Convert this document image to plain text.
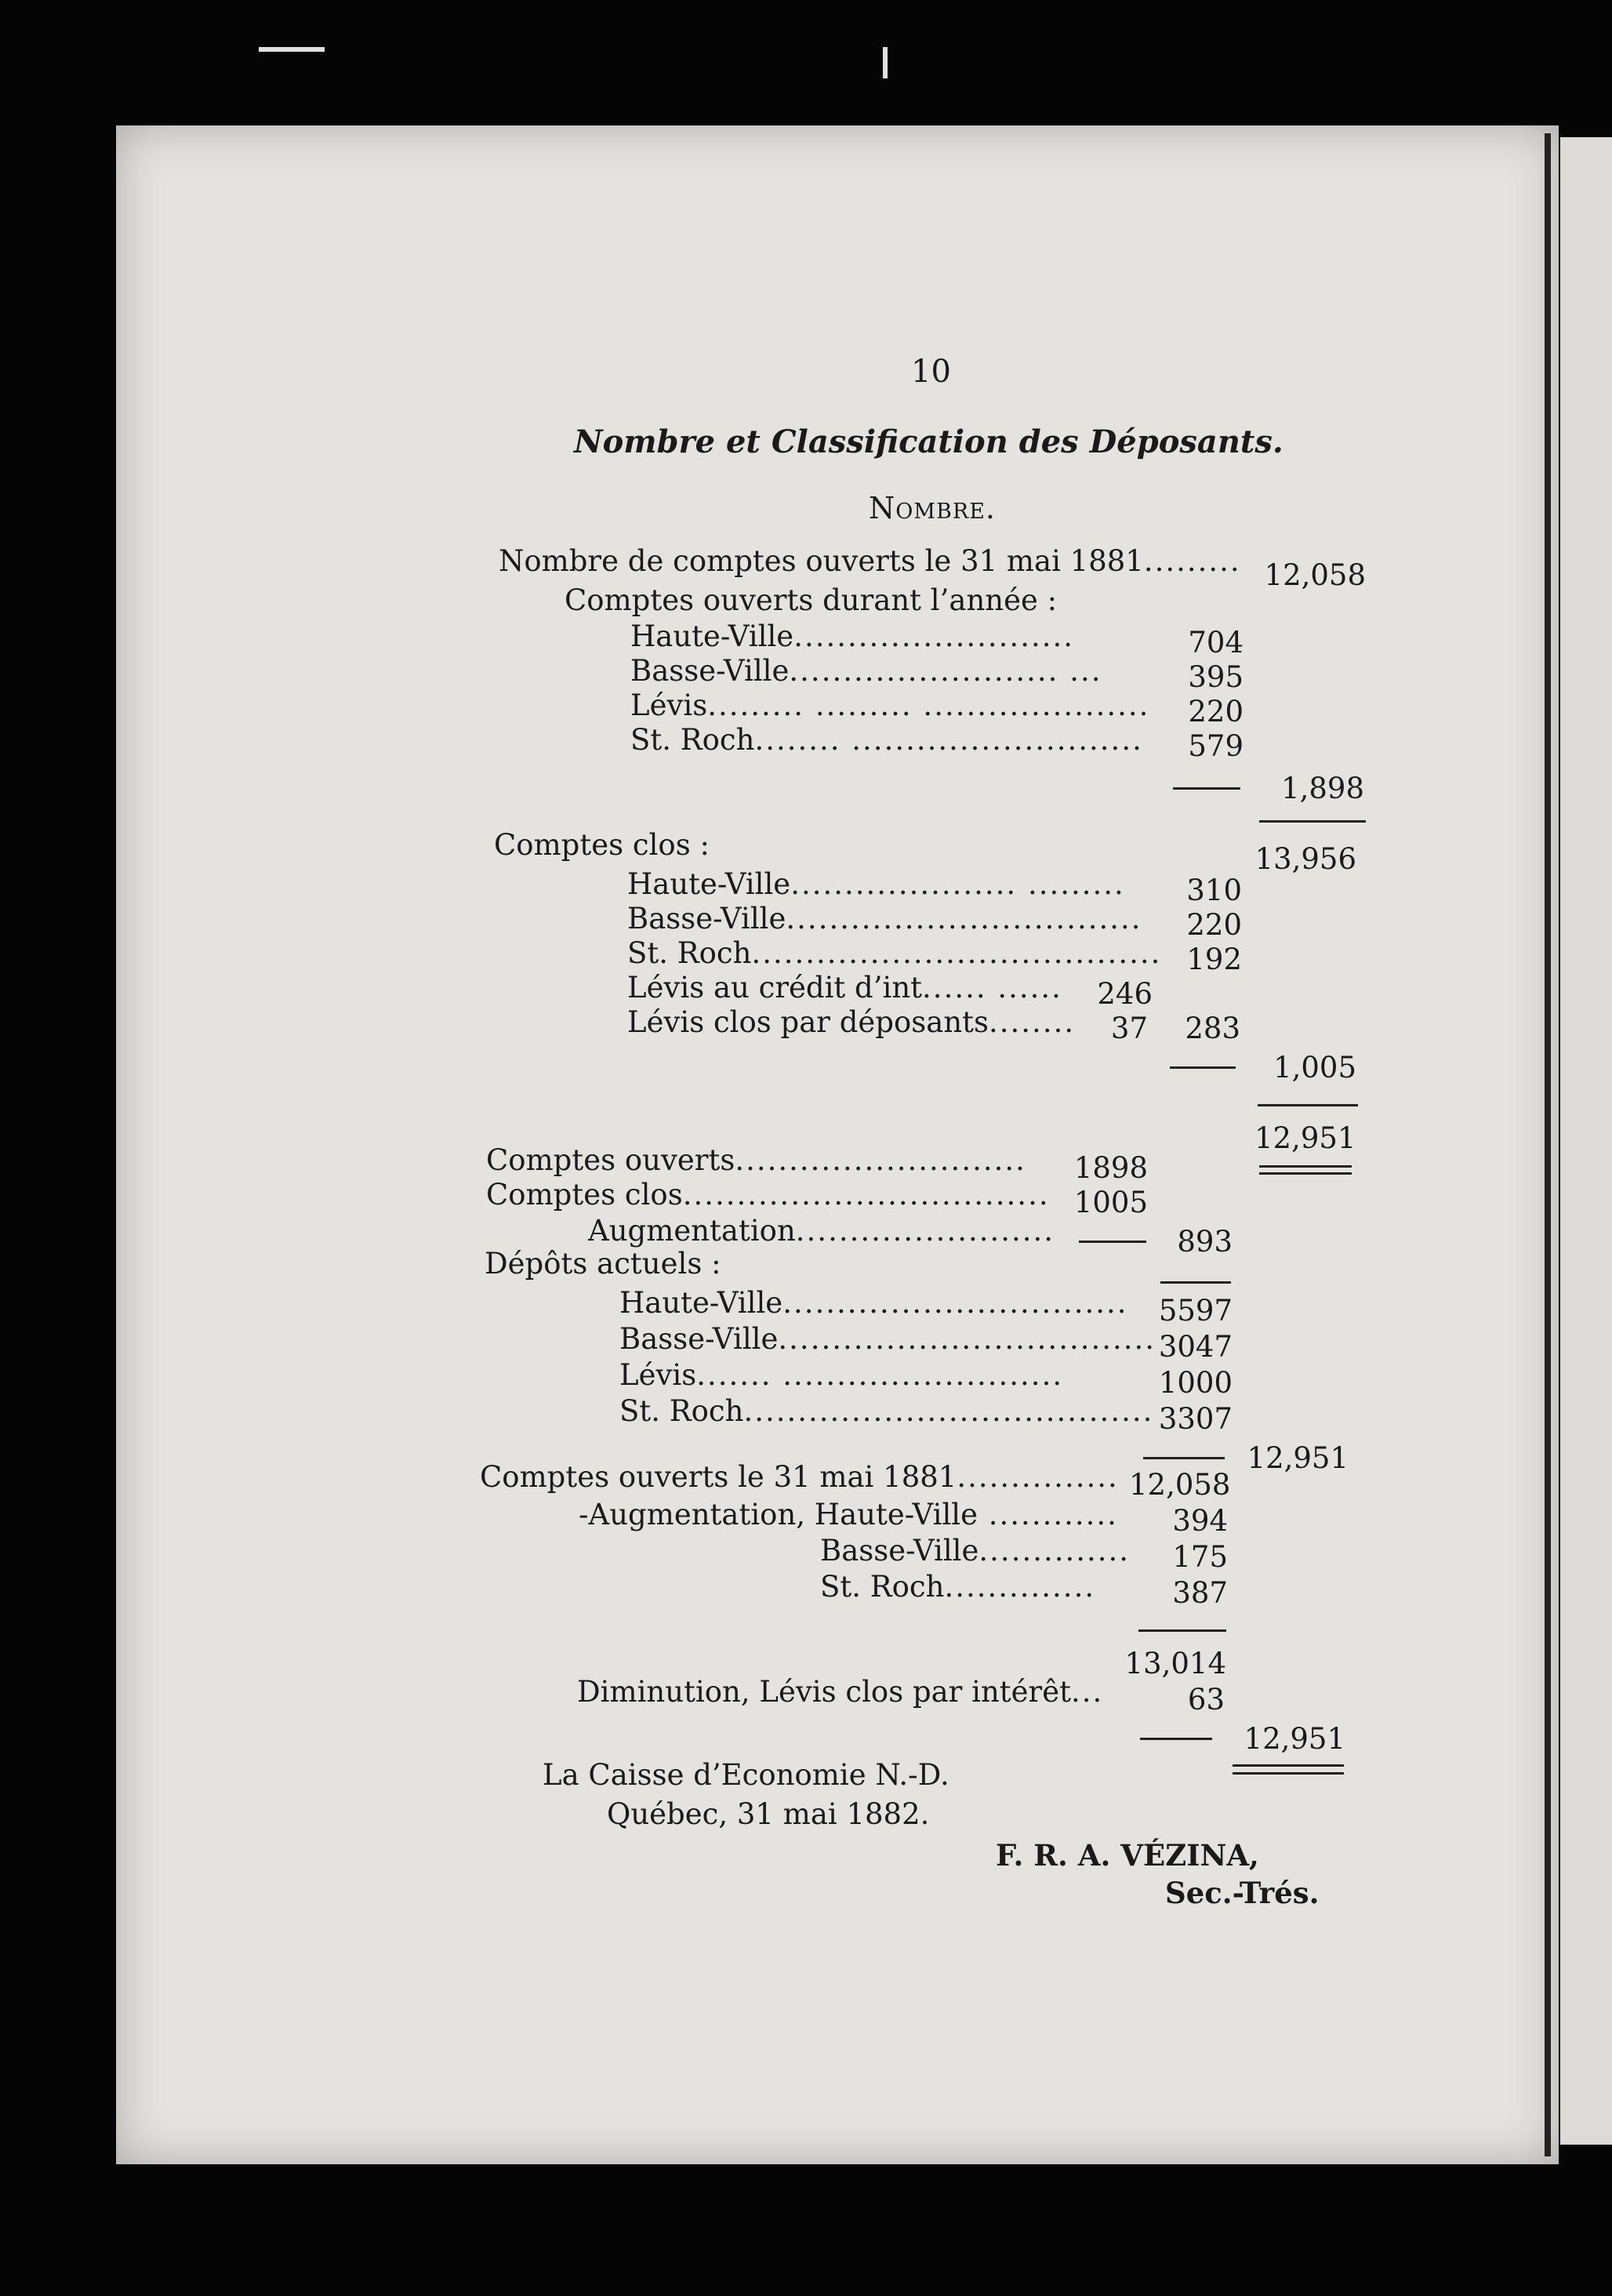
10
Nombre et Classification des Déposants.
Nombre.
Nombre de comptes ouverts le 31 mai 1881......... 12,058
Comptes ouverts durant l’année :
Haute-Ville..........................	704
Basse-Ville......................... ...	395
Lévis......... ......... .....................	220
St. Roch........ ...........................	579
1,898
Comptes clos :	13,956
Haute-Ville..................... .........	310
Basse-Ville.................................	220
St. Roch...................................... 192
Lévis au crédit d’int...... ......	246
Lévis clos par déposants........	37	283
1,005
12,951
Comptes ouverts........................... 1898
Comptes clos.................................. 1005
Augmentation........................	893
Dépôts actuels :
Haute-Ville................................ 5597
Basse-Ville................................... 3047
Lévis....... ..........................	1000
St. Roch...................................... 3307
12,951
Comptes ouverts le 31 mai 1881............... 12,058
-Augmentation, Haute-Ville ............	394
Basse-Ville..............	175
St. Roch..............	387
13,014
Diminution, Lévis clos par intérêt...	63
12,951
La Caisse d’Economie N.-D.
Québec, 31 mai 1882.
F. R. A. VÉZINA,
Sec.-Trés.
